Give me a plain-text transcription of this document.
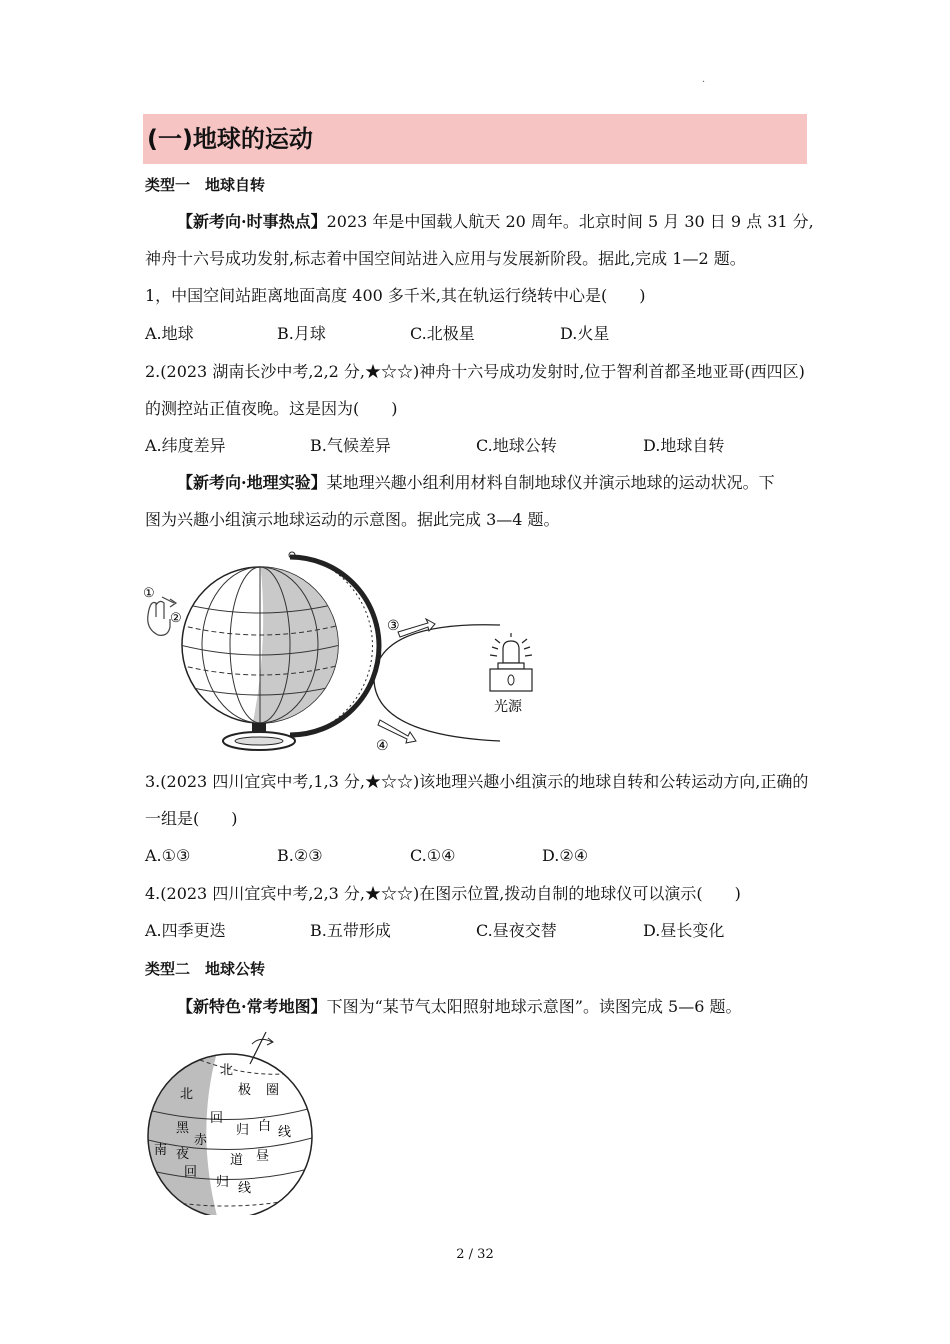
·
(一)地球的运动
类型一　地球自转
【新考向·时事热点】2023 年是中国载人航天 20 周年。北京时间 5 月 30 日 9 点 31 分,
神舟十六号成功发射,标志着中国空间站进入应用与发展新阶段。据此,完成 1—2 题。
1，中国空间站距离地面高度 400 多千米,其在轨运行绕转中心是(　　)
A.地球	B.月球	C.北极星	D.火星
2.(2023 湖南长沙中考,2,2 分,★☆☆)神舟十六号成功发射时,位于智利首都圣地亚哥(西四区)
的测控站正值夜晚。这是因为(　　)
A.纬度差异	B.气候差异	C.地球公转	D.地球自转
【新考向·地理实验】某地理兴趣小组利用材料自制地球仪并演示地球的运动状况。下
图为兴趣小组演示地球运动的示意图。据此完成 3—4 题。
①
②	③
④
光源
3.(2023 四川宜宾中考,1,3 分,★☆☆)该地理兴趣小组演示的地球自转和公转运动方向,正确的
一组是(　　)
A.①③	B.②③	C.①④	D.②④
4.(2023 四川宜宾中考,2,3 分,★☆☆)在图示位置,拨动自制的地球仪可以演示(　　)
A.四季更迭	B.五带形成	C.昼夜交替	D.昼长变化
类型二　地球公转
【新特色·常考地图】下图为“某节气太阳照射地球示意图”。读图完成 5—6 题。
北
极 圈
北
回
归 白 线
黑
赤
南 夜	道 昼
回
归 线
2 / 32
